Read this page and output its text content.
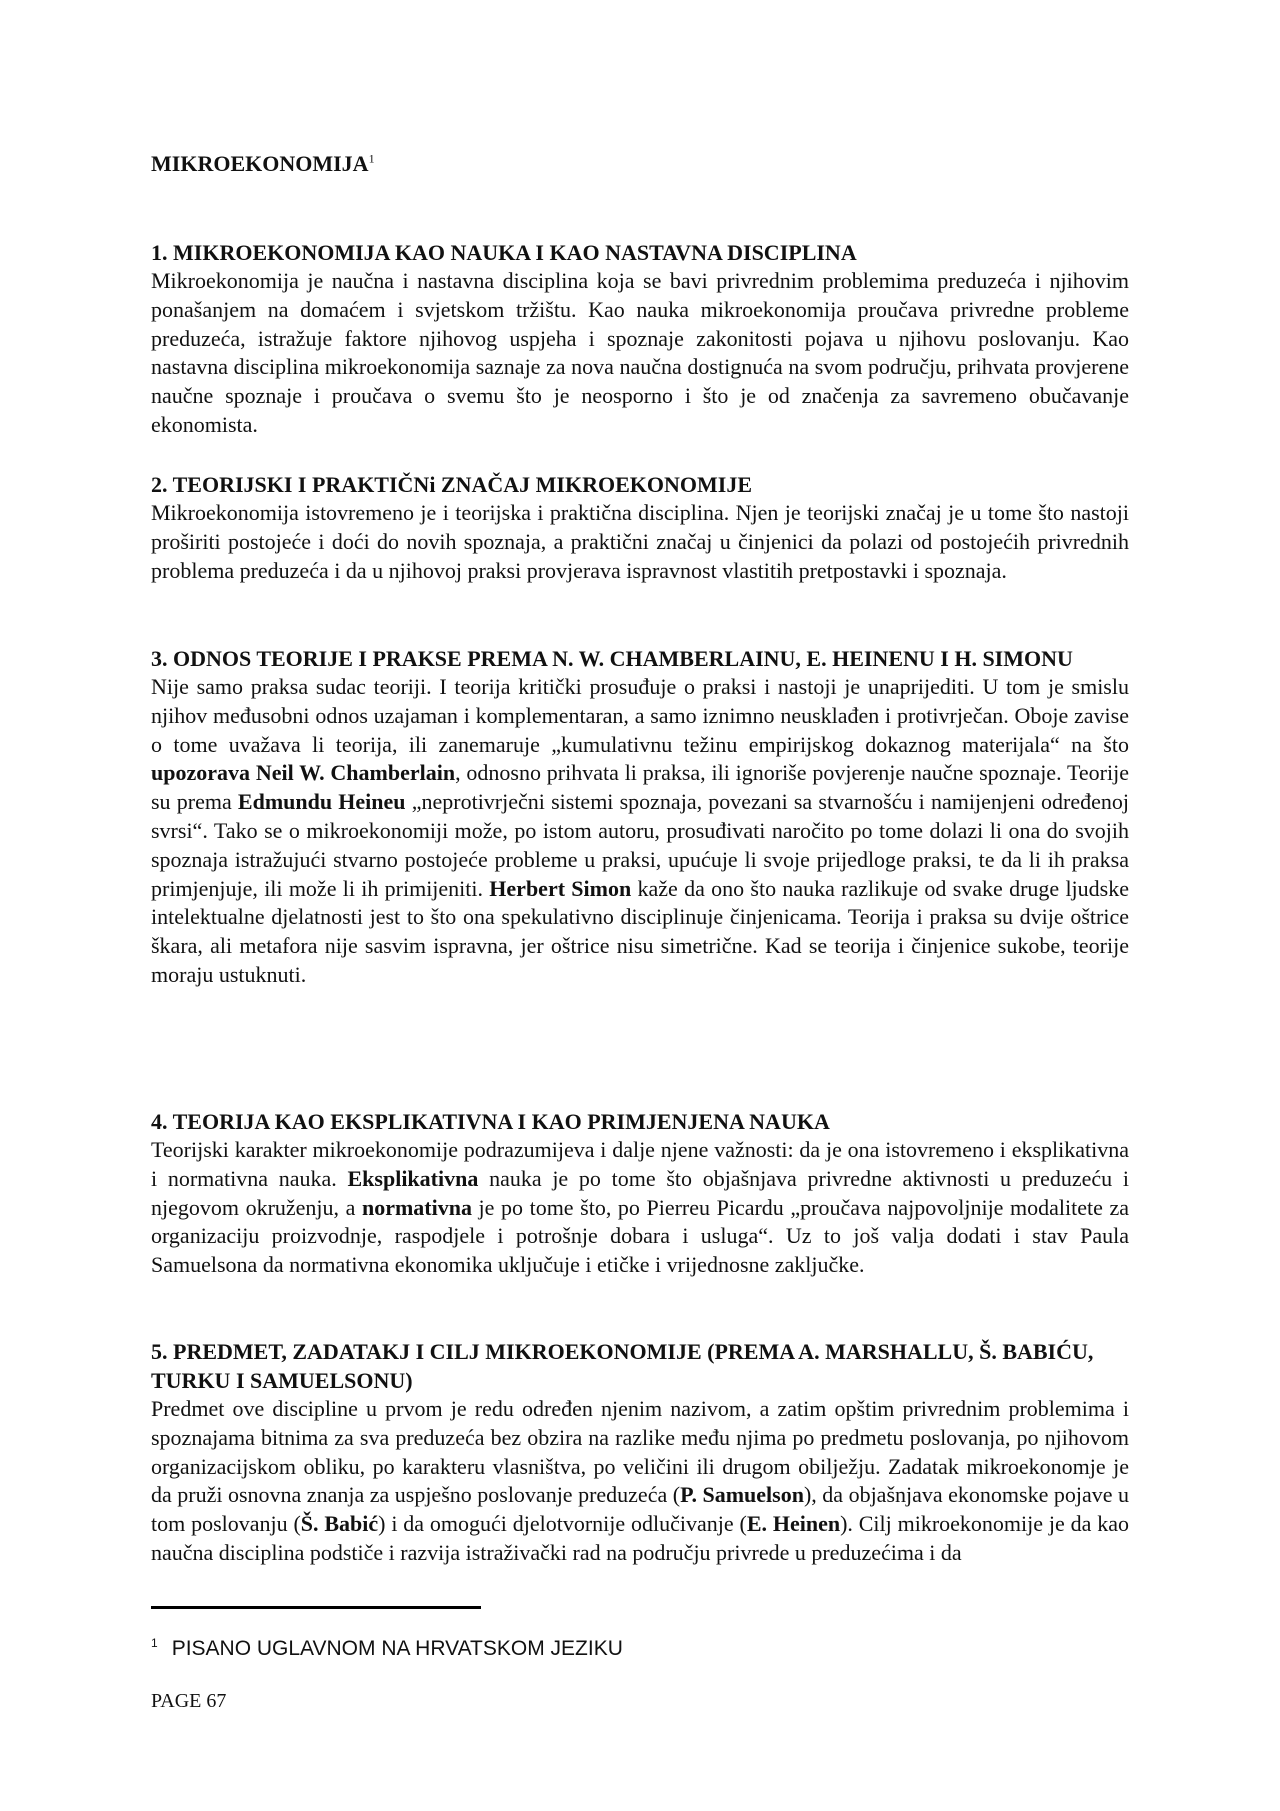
MIKROEKONOMIJA$^1$
1. MIKROEKONOMIJA KAO NAUKA I KAO NASTAVNA DISCIPLINA

Mikroekonomija je naučna i nastavna disciplina koja se bavi privrednim problemima preduzeća i njihovim ponašanjem na domaćem i svjetskom tržištu. Kao nauka mikroekonomija proučava privredne probleme preduzeća, istražuje faktore njihovog uspjeha i spoznaje zakonitosti pojava u njihovu poslovanju. Kao nastavna disciplina mikroekonomija saznaje za nova naučna dostignuća na svom području, prihvata provjerene naučne spoznaje i proučava o svemu što je neosporno i što je od značenja za savremeno obučavanje ekonomista.

2. TEORIJSKI I PRAKTIČNi ZNAČAJ MIKROEKONOMIJE

Mikroekonomija istovremeno je i teorijska i praktična disciplina. Njen je teorijski značaj je u tome što nastoji proširiti postojeće i doći do novih spoznaja, a praktični značaj u činjenici da polazi od postojećih privrednih problema preduzeća i da u njihovoj praksi provjerava ispravnost vlastitih pretpostavki i spoznaja.

3. ODNOS TEORIJE I PRAKSE PREMA N. W. CHAMBERLAINU, E. HEINENU I H. SIMONU

Nije samo praksa sudac teoriji. I teorija kritički prosuđuje o praksi i nastoji je unaprijediti. U tom je smislu njihov međusobni odnos uzajaman i komplementaran, a samo iznimno neusklađen i protivrječan. Oboje zavise o tome uvažava li teorija, ili zanemaruje „kumulativnu težinu empirijskog dokaznog materijala“ na što upozorava Neil W. Chamberlain, odnosno prihvata li praksa, ili ignoriše povjerenje naučne spoznaje. Teorije su prema Edmundu Heineu „neprotivrječni sistemi spoznaja, povezani sa stvarnošću i namijenjeni određenoj svrsi“. Tako se o mikroekonomiji može, po istom autoru, prosuđivati naročito po tome dolazi li ona do svojih spoznaja istražujući stvarno postojeće probleme u praksi, upućuje li svoje prijedloge praksi, te da li ih praksa primjenjuje, ili može li ih primijeniti. Herbert Simon kaže da ono što nauka razlikuje od svake druge ljudske intelektualne djelatnosti jest to što ona spekulativno disciplinuje činjenicama. Teorija i praksa su dvije oštrice škara, ali metafora nije sasvim ispravna, jer oštrice nisu simetrične. Kad se teorija i činjenice sukobe, teorije moraju ustuknuti.

4. TEORIJA KAO EKSPLIKATIVNA I KAO PRIMJENJENA NAUKA

Teorijski karakter mikroekonomije podrazumijeva i dalje njene važnosti: da je ona istovremeno i eksplikativna i normativna nauka. Eksplikativna nauka je po tome što objašnjava privredne aktivnosti u preduzeću i njegovom okruženju, a normativna je po tome što, po Pierreu Picardu „proučava najpovoljnije modalitete za organizaciju proizvodnje, raspodjele i potrošnje dobara i usluga“. Uz to još valja dodati i stav Paula Samuelsona da normativna ekonomika uključuje i etičke i vrijednosne zaključke.

5. PREDMET, ZADATAKJ I CILJ MIKROEKONOMIJE (PREMA A. MARSHALLU, Š. BABIĆU, TURKU I SAMUELSONU)

Predmet ove discipline u prvom je redu određen njenim nazivom, a zatim opštim privrednim problemima i spoznajama bitnima za sva preduzeća bez obzira na razlike među njima po predmetu poslovanja, po njihovom organizacijskom obliku, po karakteru vlasništva, po veličini ili drugom obilježju. Zadatak mikroekonomje je da pruži osnovna znanja za uspješno poslovanje preduzeća (P. Samuelson), da objašnjava ekonomske pojave u tom poslovanju (Š. Babić) i da omogući djelotvornije odlučivanje (E. Heinen). Cilj mikroekonomije je da kao naučna disciplina podstiče i razvija istraživački rad na području privrede u preduzećima i da

$^1$ PISANO UGLAVNOM NA HRVATSKOM JEZIKU

PAGE 67
